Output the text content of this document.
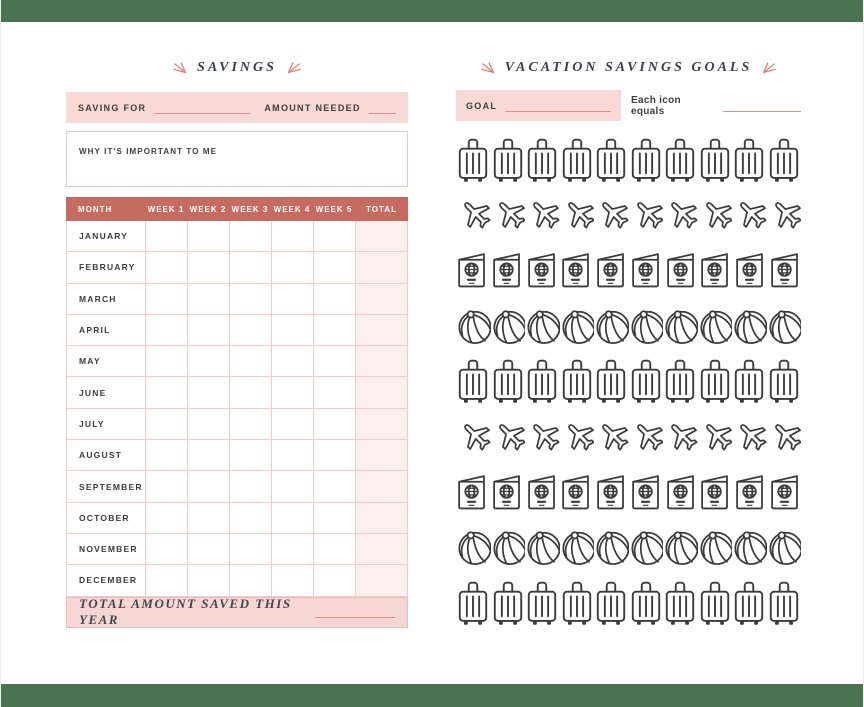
SAVINGS
SAVING FOR	AMOUNT NEEDED
WHY IT'S IMPORTANT TO ME
MONTH	WEEK 1 WEEK 2 WEEK 3 WEEK 4 WEEK 5	TOTAL
JANUARY
FEBRUARY
MARCH
APRIL
MAY
JUNE
JULY
AUGUST
SEPTEMBER
OCTOBER
NOVEMBER
DECEMBER
TOTAL AMOUNT SAVED THIS YEAR
VACATION SAVINGS GOALS
GOAL	Each icon equals
